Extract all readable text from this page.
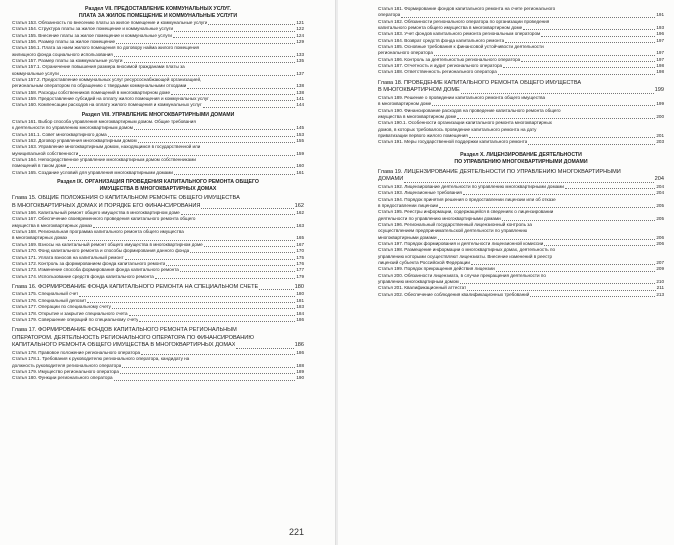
Раздел VII. ПРЕДОСТАВЛЕНИЕ КОММУНАЛЬНЫХ УСЛУГ.
ПЛАТА ЗА ЖИЛОЕ ПОМЕЩЕНИЕ И КОММУНАЛЬНЫЕ УСЛУГИ
Статья 153. Обязанность по внесению платы за жилое помещение и коммунальные услуги	121
Статья 154. Структура платы за жилое помещение и коммунальные услуги	122
Статья 155. Внесение платы за жилое помещение и коммунальные услуги	124
Статья 156. Размер платы за жилое помещение	129
Статья 156.1. Плата за наем жилого помещения по договору найма жилого помещения
жилищного фонда социального использования	133
Статья 157. Размер платы за коммунальные услуги	135
Статья 157.1. Ограничение повышения размера вносимой гражданами платы за
коммунальные услуги	137
Статья 157.2. Предоставление коммунальных услуг ресурсоснабжающей организацией,
региональным оператором по обращению с твердыми коммунальными отходами	138
Статья 158. Расходы собственников помещений в многоквартирном доме	138
Статья 159. Предоставление субсидий на оплату жилого помещения и коммунальных услуг	141
Статья 160. Компенсации расходов на оплату жилого помещения и коммунальных услуг	144
Раздел VIII. УПРАВЛЕНИЕ МНОГОКВАРТИРНЫМИ ДОМАМИ
Статья 161. Выбор способа управления многоквартирным домом. Общие требования
к деятельности по управлению многоквартирным домом	145
Статья 161.1. Совет многоквартирного дома	153
Статья 162. Договор управления многоквартирным домом	155
Статья 163. Управление многоквартирным домом, находящимся в государственной или
муниципальной собственности	159
Статья 164. Непосредственное управление многоквартирным домом собственниками
помещений в таком доме	160
Статья 165. Создание условий для управления многоквартирными домами	161
Раздел IX. ОРГАНИЗАЦИЯ ПРОВЕДЕНИЯ КАПИТАЛЬНОГО РЕМОНТА ОБЩЕГО
ИМУЩЕСТВА В МНОГОКВАРТИРНЫХ ДОМАХ
Глава 15. ОБЩИЕ ПОЛОЖЕНИЯ О КАПИТАЛЬНОМ РЕМОНТЕ ОБЩЕГО ИМУЩЕСТВА
В МНОГОКВАРТИРНЫХ ДОМАХ И ПОРЯДКЕ ЕГО ФИНАНСИРОВАНИЯ	162
Статья 166. Капитальный ремонт общего имущества в многоквартирном доме	162
Статья 167. Обеспечение своевременного проведения капитального ремонта общего
имущества в многоквартирных домах	163
Статья 168. Региональная программа капитального ремонта общего имущества
в многоквартирных домах	165
Статья 169. Взносы на капитальный ремонт общего имущества в многоквартирном доме	167
Статья 170. Фонд капитального ремонта и способы формирования данного фонда	170
Статья 171. Уплата взносов на капитальный ремонт	175
Статья 172. Контроль за формированием фонда капитального ремонта	176
Статья 173. Изменение способа формирования фонда капитального ремонта	177
Статья 174. Использование средств фонда капитального ремонта	179
Глава 16. ФОРМИРОВАНИЕ ФОНДА КАПИТАЛЬНОГО РЕМОНТА НА СПЕЦИАЛЬНОМ СЧЕТЕ	180
Статья 175. Специальный счет	180
Статья 176. Специальный депозит	181
Статья 177. Операции по специальному счету	183
Статья 178. Открытие и закрытие специального счета	184
Статья 179. Совершение операций по специальному счету	186
Глава 17. ФОРМИРОВАНИЕ ФОНДОВ КАПИТАЛЬНОГО РЕМОНТА РЕГИОНАЛЬНЫМ
ОПЕРАТОРОМ. ДЕЯТЕЛЬНОСТЬ РЕГИОНАЛЬНОГО ОПЕРАТОРА ПО ФИНАНСИРОВАНИЮ
КАПИТАЛЬНОГО РЕМОНТА ОБЩЕГО ИМУЩЕСТВА В МНОГОКВАРТИРНЫХ ДОМАХ	186
Статья 178. Правовое положение регионального оператора	186
Статья 178.1. Требования к руководителю регионального оператора, кандидату на
должность руководителя регионального оператора	188
Статья 179. Имущество регионального оператора	189
Статья 180. Функции регионального оператора	190
221
Статья 181. Формирование фондов капитального ремонта на счете регионального
оператора	191
Статья 182. Обязанности регионального оператора по организации проведения
капитального ремонта общего имущества в многоквартирном доме	193
Статья 183. Учет фондов капитального ремонта региональным оператором	196
Статья 184. Возврат средств фонда капитального ремонта	197
Статья 185. Основные требования к финансовой устойчивости деятельности
регионального оператора	197
Статья 186. Контроль за деятельностью регионального оператора	197
Статья 187. Отчетность и аудит регионального оператора	198
Статья 188. Ответственность регионального оператора	198
Глава 18. ПРОВЕДЕНИЕ КАПИТАЛЬНОГО РЕМОНТА ОБЩЕГО ИМУЩЕСТВА
В МНОГОКВАРТИРНОМ ДОМЕ	199
Статья 189. Решение о проведении капитального ремонта общего имущества
в многоквартирном доме	199
Статья 190. Финансирование расходов на проведение капитального ремонта общего
имущества в многоквартирном доме	200
Статья 190.1. Особенности организации капитального ремонта многоквартирных
домов, в которых требовалось проведение капитального ремонта на дату
приватизации первого жилого помещения	201
Статья 191. Меры государственной поддержки капитального ремонта	203
Раздел X. ЛИЦЕНЗИРОВАНИЕ ДЕЯТЕЛЬНОСТИ
ПО УПРАВЛЕНИЮ МНОГОКВАРТИРНЫМИ ДОМАМИ
Глава 19. ЛИЦЕНЗИРОВАНИЕ ДЕЯТЕЛЬНОСТИ ПО УПРАВЛЕНИЮ МНОГОКВАРТИРНЫМИ
ДОМАМИ	204
Статья 192. Лицензирование деятельности по управлению многоквартирными домами	204
Статья 193. Лицензионные требования	204
Статья 194. Порядок принятия решения о предоставлении лицензии или об отказе
в предоставлении лицензии	205
Статья 195. Реестры информации, содержащейся в сведениях о лицензировании
деятельности по управлению многоквартирными домами	205
Статья 196. Региональный государственный лицензионный контроль за
осуществлением предпринимательской деятельности по управлению
многоквартирными домами	206
Статья 197. Порядок формирования и деятельности лицензионной комиссии	206
Статья 198. Размещение информации о многоквартирных домах, деятельность по
управлению которыми осуществляют лицензиаты. Внесение изменений в реестр
лицензий субъекта Российской Федерации	207
Статья 199. Порядок прекращения действия лицензии	209
Статья 200. Обязанности лицензиата, в случае прекращения деятельности по
управлению многоквартирным домом	210
Статья 201. Квалификационный аттестат	211
Статья 202. Обеспечение соблюдения квалификационных требований	213
